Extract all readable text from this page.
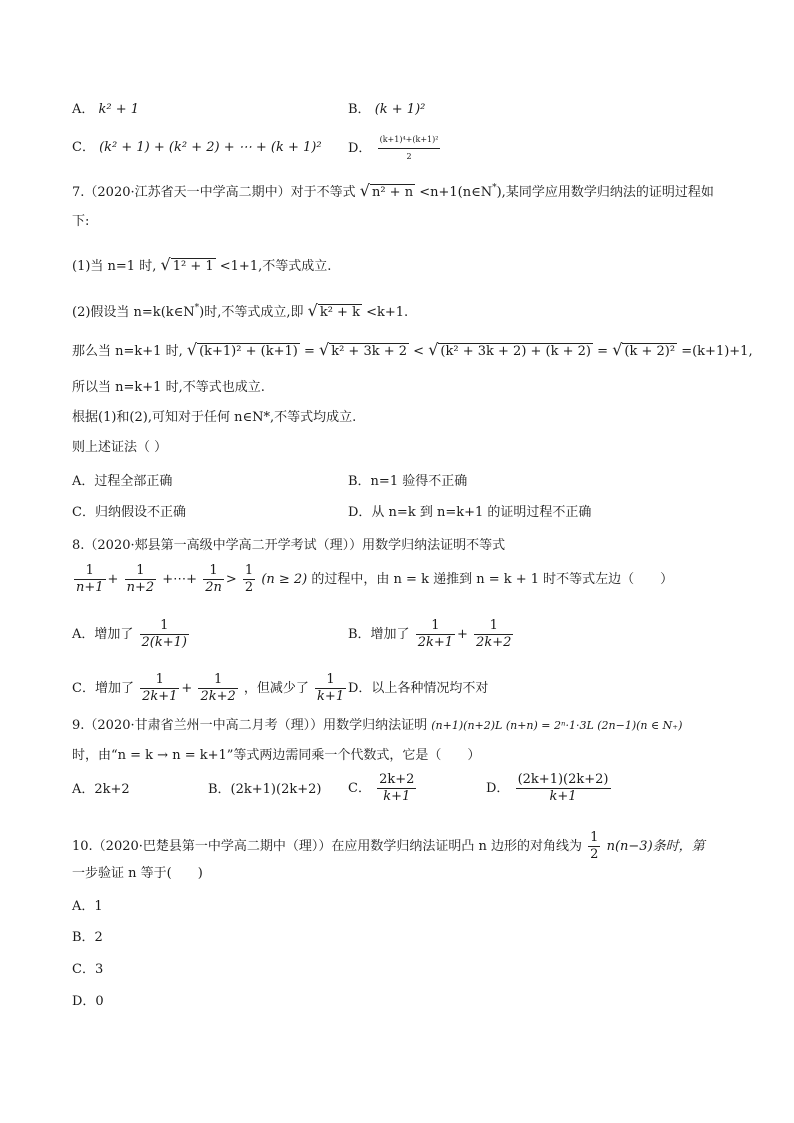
A． k² + 1	B． (k + 1)²
C． (k² + 1) + (k² + 2) + ⋯ + (k + 1)² D． $\frac{\text{(k+1)⁴+(k+1)²}}{2}$
7.（2020·江苏省天一中学高二期中）对于不等式 √ n² + n <n+1(n∈N*),某同学应用数学归纳法的证明过程如
下:
(1)当 n=1 时, √ 1² + 1 <1+1,不等式成立.
(2)假设当 n=k(k∈N*)时,不等式成立,即 √ k² + k <k+1.
那么当 n=k+1 时, √ (k+1)² + (k+1) = √ k² + 3k + 2 < √ (k² + 3k + 2) + (k + 2) = √ (k + 2)² =(k+1)+1,
所以当 n=k+1 时,不等式也成立.
根据(1)和(2),可知对于任何 n∈N*,不等式均成立.
则上述证法（ ）
A．过程全部正确	B．n=1 验得不正确
C．归纳假设不正确	D．从 n=k 到 n=k+1 的证明过程不正确
8.（2020·郏县第一高级中学高二开学考试（理））用数学归纳法证明不等式
$\frac{1}{n+1} + \frac{1}{n+2}$ +⋯+ $\frac{1}{2n} > \frac{1}{2} (n \ge 2)$ 的过程中，由 n = k 递推到 n = k + 1 时不等式左边（　　）
A．增加了 $\frac{1}{2(k+1)}$	B．增加了 $\frac{1}{2k+1} + \frac{1}{2k+2}$
C．增加了 $\frac{1}{2k+1} + \frac{1}{2k+2}$ ，但减少了 $\frac{1}{k+1}$ D．以上各种情况均不对
9.（2020·甘肃省兰州一中高二月考（理））用数学归纳法证明 (n+1)(n+2)L (n+n) = 2ⁿ·1·3L (2n−1)(n ∈ N₊)
时，由“n = k → n = k+1”等式两边需同乘一个代数式，它是（　　）
A．2k+2	B．(2k+1)(2k+2) C． $\frac{2k+2}{k+1}$	D． $\frac{(2k+1)(2k+2)}{k+1}$
10.（2020·巴楚县第一中学高二期中（理））在应用数学归纳法证明凸 n 边形的对角线为 $\frac{1}{2} n(n-3)$条时，第
一步验证 n 等于(　　)
A．1
B．2
C．3
D．0
